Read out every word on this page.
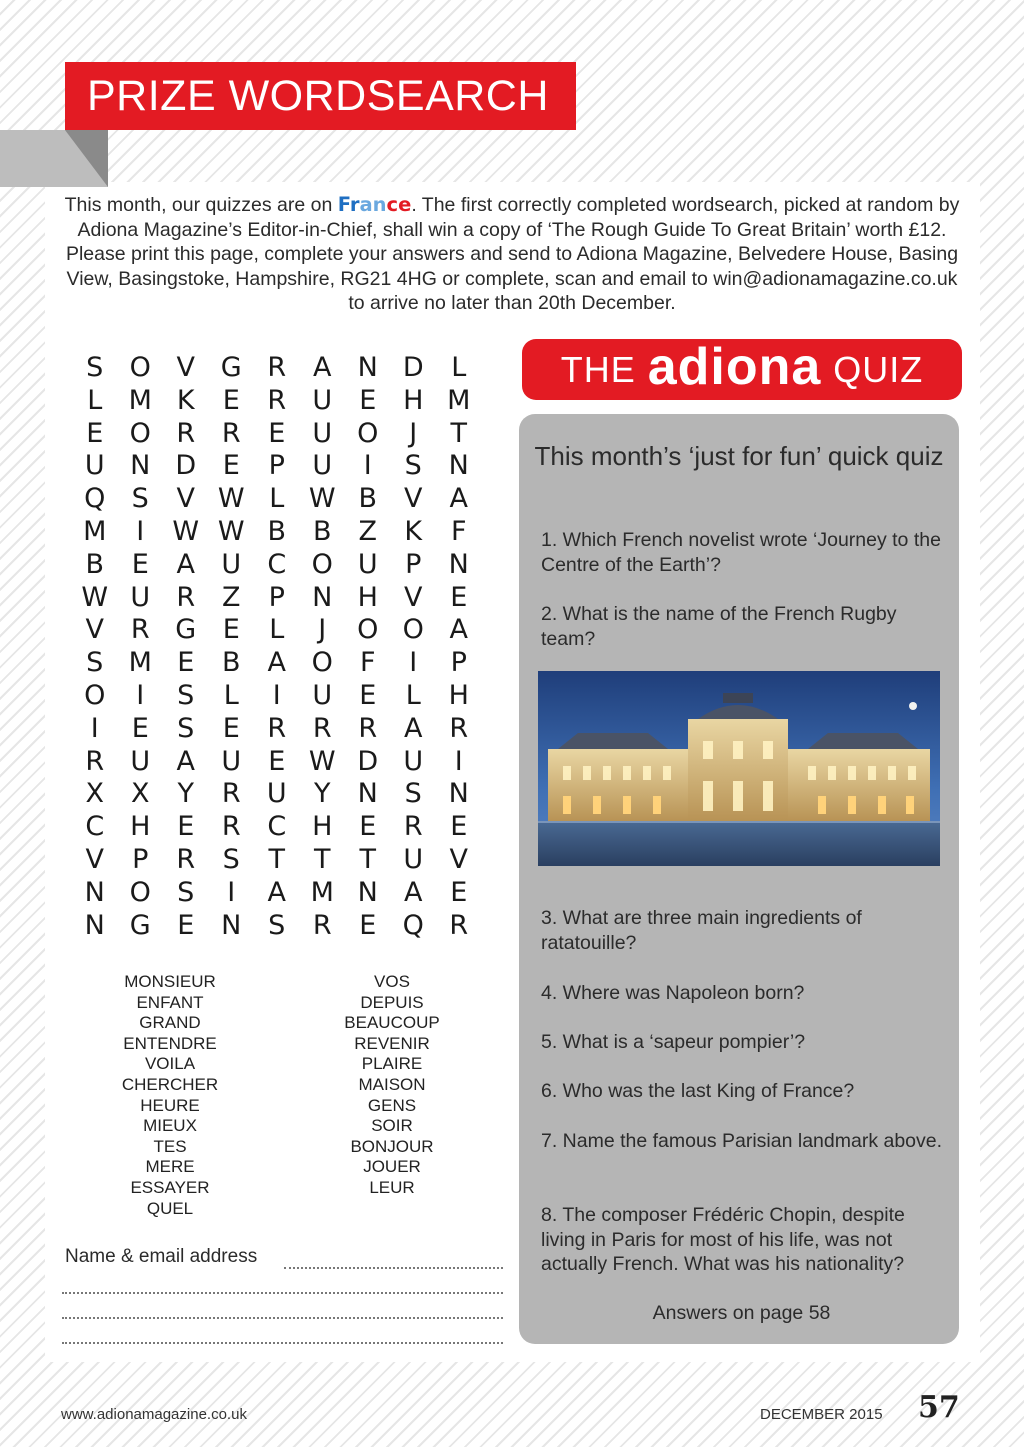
PRIZE WORDSEARCH
This month, our quizzes are on France. The first correctly completed wordsearch, picked at random by Adiona Magazine’s Editor-in-Chief, shall win a copy of ‘The Rough Guide To Great Britain’ worth £12. Please print this page, complete your answers and send to Adiona Magazine, Belvedere House, Basing View, Basingstoke, Hampshire, RG21 4HG or complete, scan and email to win@adionamagazine.co.uk to arrive no later than 20th December.
S O V G R A N D	L
L M K	E	R U	E H M
E O R R	E	U O	J	T
U N D E	P	U	I	S N
Q S	V W L W B V	A
M	I	W W B B Z	K	F
B	E	A U C O U	P	N
W U R Z	P	N H V	E
V R G E	L	J	O O A
S M E	B A O	F	I	P
O	I	S	L	I	U	E	L	H
I	E	S	E	R R R A R
R U A U	E W D U	I
X	X	Y	R U	Y	N S N
C H E	R C H E	R	E
V	P	R	S	T	T	T	U V
N O S	I	A M N A	E
N G E N S	R	E Q R
MONSIEUR
ENFANT
GRAND
ENTENDRE
VOILA
CHERCHER
HEURE
MIEUX
TES
MERE
ESSAYER
QUEL
VOS
DEPUIS
BEAUCOUP
REVENIR
PLAIRE
MAISON
GENS
SOIR
BONJOUR
JOUER
LEUR
Name & email address
THE adiona QUIZ
This month’s ‘just for fun’ quick quiz
1. Which French novelist wrote ‘Journey to the Centre of the Earth’?
2. What is the name of the French Rugby team?
3. What are three main ingredients of ratatouille?
4. Where was Napoleon born?
5. What is a ‘sapeur pompier’?
6. Who was the last King of France?
7. Name the famous Parisian landmark above.
8. The composer Frédéric Chopin, despite living in Paris for most of his life, was not actually French. What was his nationality?
Answers on page 58
www.adionamagazine.co.uk	DECEMBER 2015 57
